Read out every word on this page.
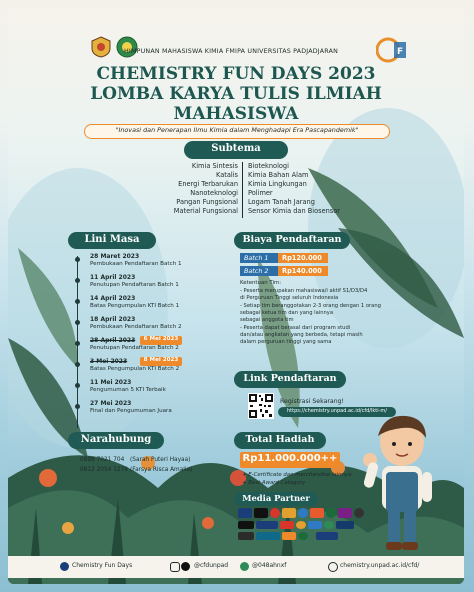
HIMPUNAN MAHASISWA KIMIA FMIPA UNIVERSITAS PADJADJARAN	F

CHEMISTRY FUN DAYS 2023

LOMBA KARYA TULIS ILMIAH

MAHASISWA

"Inovasi dan Penerapan Ilmu Kimia dalam Menghadapi Era Pascapandemik"

Subtema

Kimia Sintesis

Katalis

Energi Terbarukan

Nanoteknologi

Pangan Fungsional

Material Fungsional

Bioteknologi

Kimia Bahan Alam

Kimia Lingkungan

Polimer

Logam Tanah Jarang

Sensor Kimia dan Biosensor

Lini Masa

28 Maret 2023

Pembukaan Pendaftaran Batch 1

11 April 2023

Penutupan Pendaftaran Batch 1

14 April 2023

Batas Pengumpulan KTI Batch 1

18 April 2023

Pembukaan Pendaftaran Batch 2

28 April 2023	6 Mei 2023

Penutupan Pendaftaran Batch 2

3 Mei 2023	8 Mei 2023

Batas Pengumpulan KTI Batch 2

11 Mei 2023

Pengumuman 5 KTI Terbaik

27 Mei 2023

Final dan Pengumuman Juara

Narahubung

0898 7021 704 (Sarah Puteri Hayaa)

0812 2054 1278 (Farsya Risca Amalia)

Biaya Pendaftaran
Batch 1 Rp120.000
Batch 2 Rp140.000

Ketentuan Tim:

- Peserta merupakan mahasiswa/i aktif S1/D3/D4

di Perguruan Tinggi seluruh Indonesia

- Setiap tim beranggotakan 2-3 orang dengan 1 orang

sebagai ketua tim dan yang lainnya

sebagai anggota tim

- Peserta dapat berasal dari program studi

dan/atau angkatan yang berbeda, tetapi masih

dalam perguruan tinggi yang sama

Link Pendaftaran

Registrasi Sekarang!

https://chemistry.unpad.ac.id/cfd/lkti-m/
Total Hadiah
Rp11.000.000++

+ E-Certificate dan merchandise lainnya

+ Best Award Category

Media Partner
Chemistry Fun Days	@cfdunpad	@048ahnxf	chemistry.unpad.ac.id/cfd/
